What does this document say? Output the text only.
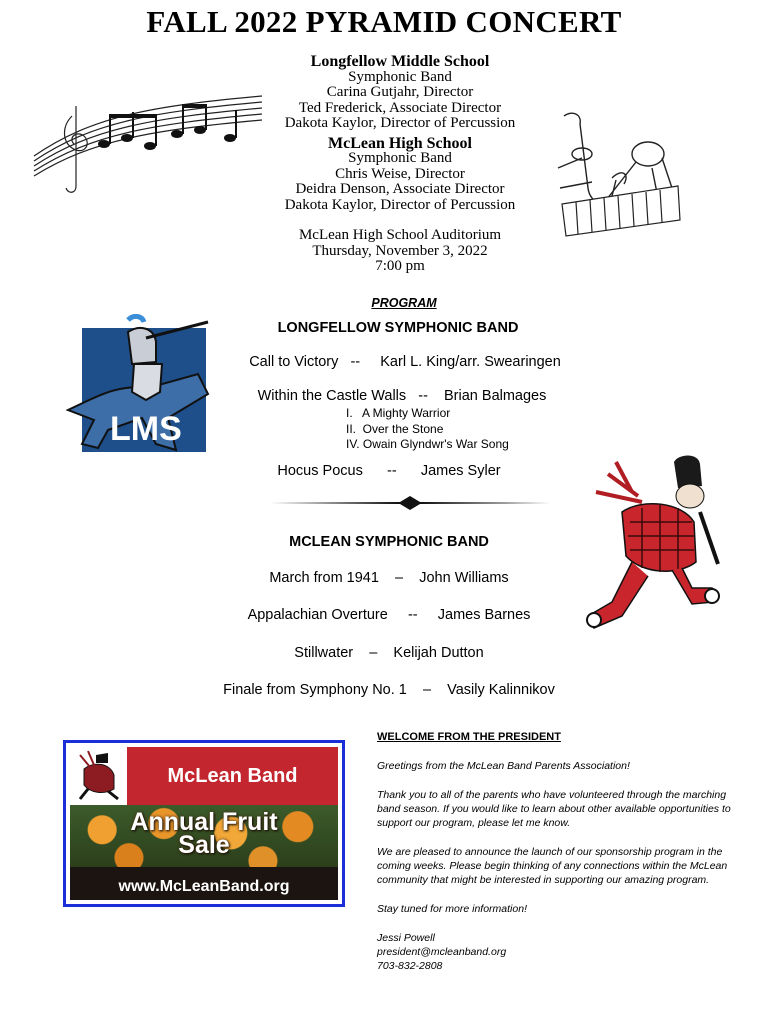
FALL 2022 PYRAMID CONCERT
Longfellow Middle School
Symphonic Band
Carina Gutjahr, Director
Ted Frederick, Associate Director
Dakota Kaylor, Director of Percussion
McLean High School
Symphonic Band
Chris Weise, Director
Deidra Denson, Associate Director
Dakota Kaylor, Director of Percussion
McLean High School Auditorium
Thursday, November 3, 2022
7:00 pm
PROGRAM
LMS
LONGFELLOW SYMPHONIC BAND
Call to Victory   --     Karl L. King/arr. Swearingen
Within the Castle Walls   --    Brian Balmages
I.   A Mighty Warrior
II.  Over the Stone
IV. Owain Glyndwr's War Song
Hocus Pocus      --      James Syler
MCLEAN SYMPHONIC BAND
March from 1941    –    John Williams
Appalachian Overture     --     James Barnes
Stillwater    –    Kelijah Dutton
Finale from Symphony No. 1    –    Vasily Kalinnikov
McLean Band
Annual Fruit
Sale
www.McLeanBand.org
WELCOME FROM THE PRESIDENT

Greetings from the McLean Band Parents Association!

Thank you to all of the parents who have volunteered through the marching band season. If you would like to learn about other available opportunities to support our program, please let me know.

We are pleased to announce the launch of our sponsorship program in the coming weeks. Please begin thinking of any connections within the McLean community that might be interested in supporting our amazing program.

Stay tuned for more information!

Jessi Powell
president@mcleanband.org
703-832-2808
